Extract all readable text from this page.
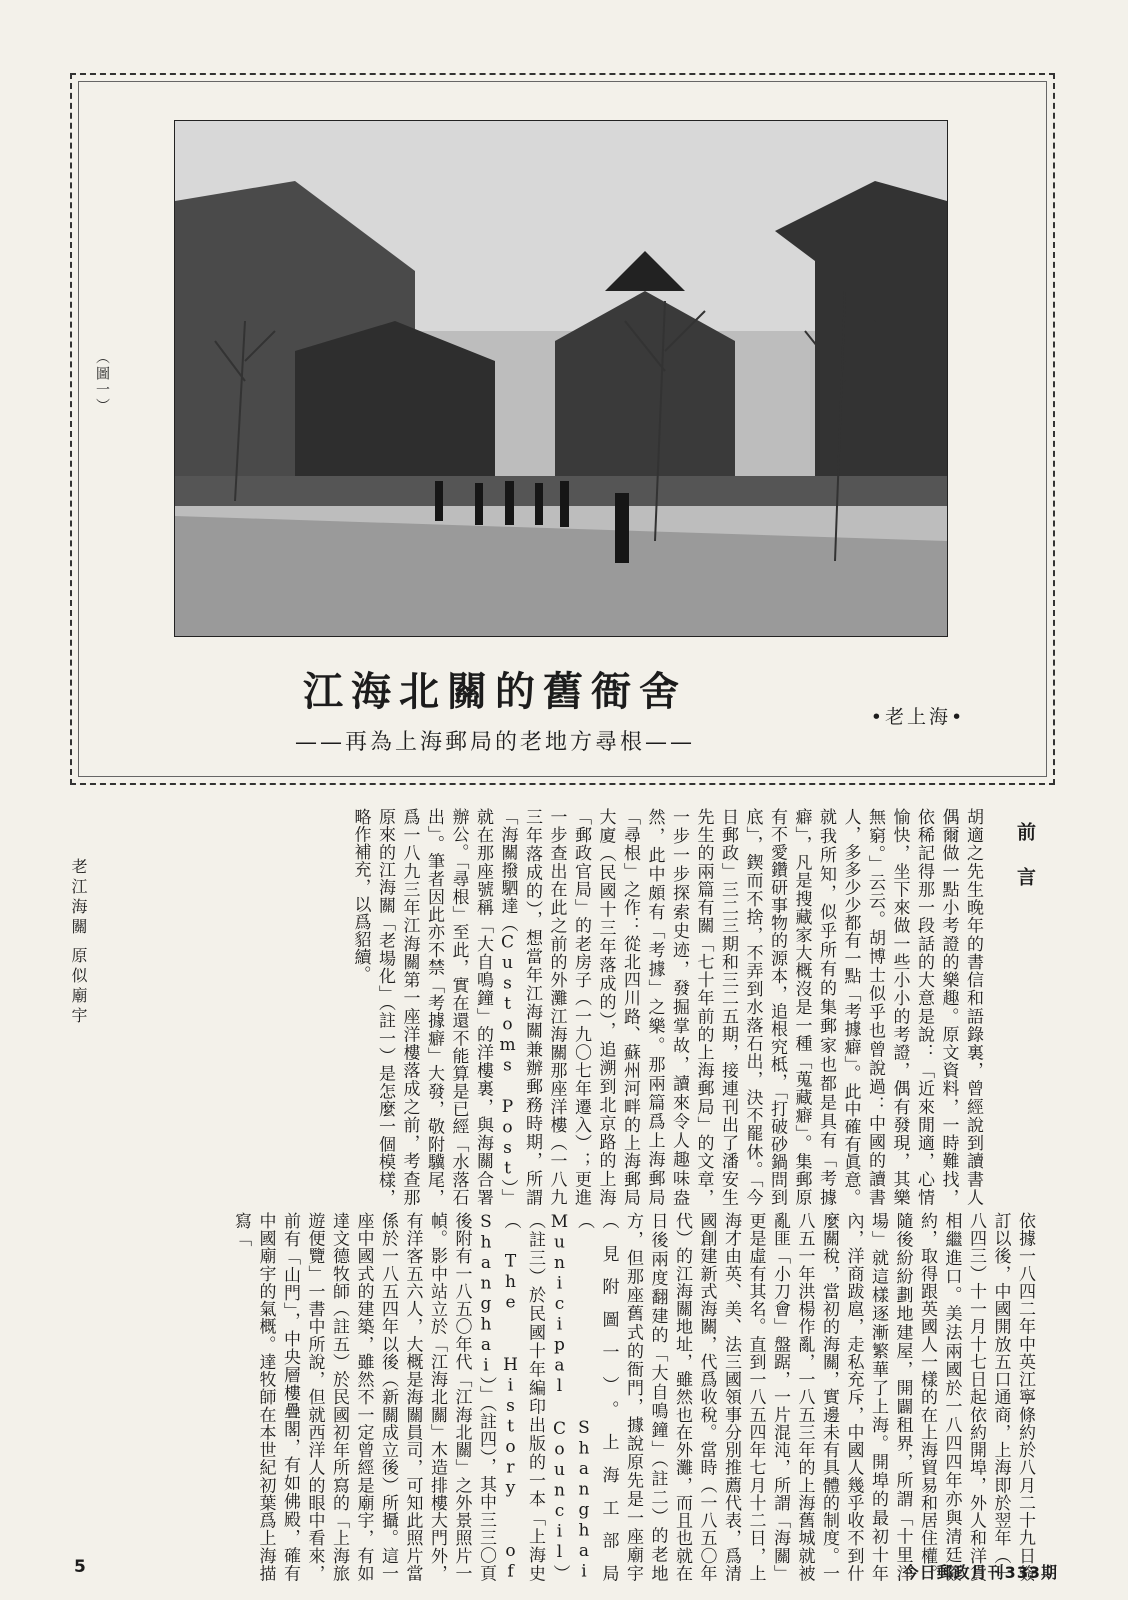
（圖一）
江海北關的舊衙舍
——再為上海郵局的老地方尋根——
•老上海•
前言
胡適之先生晚年的書信和語錄裏，曾經說到讀書人偶爾做一點小考證的樂趣。原文資料，一時難找，依稀記得那一段話的大意是說：「近來閒適，心情愉快，坐下來做一些小小的考證，偶有發現，其樂無窮。」云云。胡博士似乎也曾說過：中國的讀書人，多多少少都有一點「考據癖」。此中確有眞意。就我所知，似乎所有的集郵家也都是具有「考據癖」，凡是搜藏家大概沒是一種「蒐藏癖」。集郵原有不愛鑽研事物的源本，追根究柢，「打破砂鍋問到底」，鍥而不捨，不弄到水落石出，決不罷休。「今日郵政」三二三期和三二五期，接連刊出了潘安生先生的兩篇有關「七十年前的上海郵局」的文章，一步一步探索史迹，發掘掌故，讀來令人趣味盎然，此中頗有「考據」之樂。那兩篇爲上海郵局「尋根」之作：從北四川路、蘇州河畔的上海郵局大廈（民國十三年落成的），追溯到北京路的上海「郵政官局」的老房子（一九〇七年遷入）；更進一步查出在此之前的外灘江海關那座洋樓（一八九三年落成的），想當年江海關兼辦郵務時期，所謂「海關撥駟達（Customs Post）」就在那座號稱「大自鳴鐘」的洋樓裏，與海關合署辦公。「尋根」至此，實在還不能算是已經「水落石出」。筆者因此亦不禁「考據癖」大發，敬附驥尾，爲一八九三年江海關第一座洋樓落成之前，考查那原來的江海關「老場化」（註一）是怎麼一個模樣，略作補充，以爲貂續。
依據一八四二年中英江寧條約於八月二十九日簽訂以後，中國開放五口通商，上海即於翌年（一八四三）十一月十七日起依約開埠，外人和洋貨相繼進口。美法兩國於一八四四年亦與清廷簽約，取得跟英國人一樣的在上海貿易和居住權。隨後紛紛劃地建屋，開闢租界，所謂「十里洋場」就這樣逐漸繁華了上海。開埠的最初十年內，洋商跋扈，走私充斥，中國人幾乎收不到什麼關稅，當初的海關，實邊未有具體的制度。一八五一年洪楊作亂，一八五三年的上海舊城就被亂匪「小刀會」盤踞，一片混沌，所謂「海關」更是虛有其名。直到一八五四年七月十二日，上海才由英、美、法三國領事分別推薦代表，爲清國創建新式海關，代爲收稅。當時（一八五〇年代）的江海關地址，雖然也在外灘，而且也就在日後兩度翻建的「大自鳴鐘」（註二）的老地方，但那座舊式的衙門，據說原先是一座廟宇（見附圖一）。上海工部局（Shanghai Municipal Council）（註三）於民國十年編印出版的一本「上海史（The History of Shanghai）」（註四），其中三三〇頁後附有一八五〇年代「江海北關」之外景照片一幀。影中站立於「江海北關」木造排樓大門外，有洋客五六人，大概是海關員司，可知此照片當係於一八五四年以後（新關成立後）所攝。這一座中國式的建築，雖然不一定曾經是廟宇，有如達文德牧師（註五）於民國初年所寫的「上海旅遊便覽」一書中所說，但就西洋人的眼中看來，前有「山門」，中央層樓疊閣，有如佛殿，確有中國廟宇的氣概。達牧師在本世紀初葉爲上海描寫「
老江海關 原似廟宇
5	今日郵政月刊333期
